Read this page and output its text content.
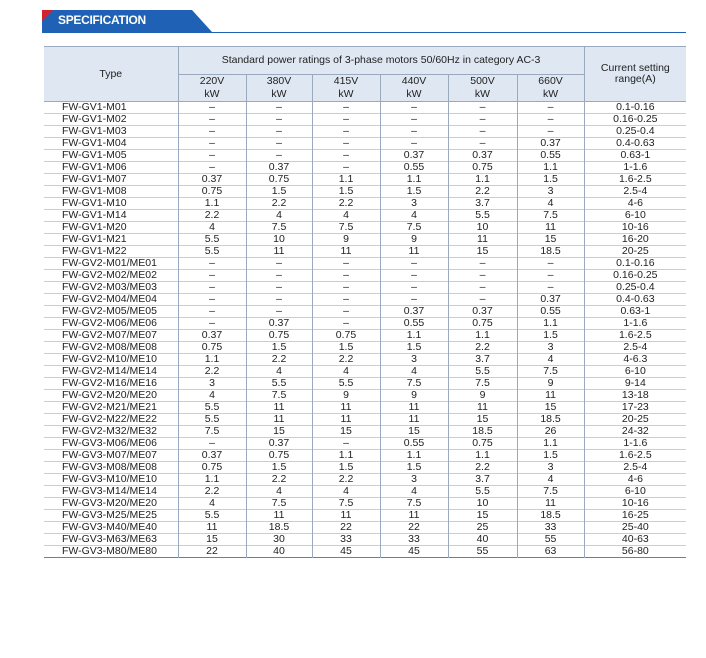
SPECIFICATION
Type	Standard power ratings of 3-phase motors 50/60Hz in category AC-3						Current setting range(A)
	220V	380V	415V	440V	500V	660V	
	kW	kW	kW	kW	kW	kW	
FW-GV1-M01	–	–	–	–	–	–	0.1-0.16
FW-GV1-M02	–	–	–	–	–	–	0.16-0.25
FW-GV1-M03	–	–	–	–	–	–	0.25-0.4
FW-GV1-M04	–	–	–	–	–	0.37	0.4-0.63
FW-GV1-M05	–	–	–	0.37	0.37	0.55	0.63-1
FW-GV1-M06	–	0.37	–	0.55	0.75	1.1	1-1.6
FW-GV1-M07	0.37	0.75	1.1	1.1	1.1	1.5	1.6-2.5
FW-GV1-M08	0.75	1.5	1.5	1.5	2.2	3	2.5-4
FW-GV1-M10	1.1	2.2	2.2	3	3.7	4	4-6
FW-GV1-M14	2.2	4	4	4	5.5	7.5	6-10
FW-GV1-M20	4	7.5	7.5	7.5	10	11	10-16
FW-GV1-M21	5.5	10	9	9	11	15	16-20
FW-GV1-M22	5.5	11	11	11	15	18.5	20-25
FW-GV2-M01/ME01	–	–	–	–	–	–	0.1-0.16
FW-GV2-M02/ME02	–	–	–	–	–	–	0.16-0.25
FW-GV2-M03/ME03	–	–	–	–	–	–	0.25-0.4
FW-GV2-M04/ME04	–	–	–	–	–	0.37	0.4-0.63
FW-GV2-M05/ME05	–	–	–	0.37	0.37	0.55	0.63-1
FW-GV2-M06/ME06	–	0.37	–	0.55	0.75	1.1	1-1.6
FW-GV2-M07/ME07	0.37	0.75	0.75	1.1	1.1	1.5	1.6-2.5
FW-GV2-M08/ME08	0.75	1.5	1.5	1.5	2.2	3	2.5-4
FW-GV2-M10/ME10	1.1	2.2	2.2	3	3.7	4	4-6.3
FW-GV2-M14/ME14	2.2	4	4	4	5.5	7.5	6-10
FW-GV2-M16/ME16	3	5.5	5.5	7.5	7.5	9	9-14
FW-GV2-M20/ME20	4	7.5	9	9	9	11	13-18
FW-GV2-M21/ME21	5.5	11	11	11	11	15	17-23
FW-GV2-M22/ME22	5.5	11	11	11	15	18.5	20-25
FW-GV2-M32/ME32	7.5	15	15	15	18.5	26	24-32
FW-GV3-M06/ME06	–	0.37	–	0.55	0.75	1.1	1-1.6
FW-GV3-M07/ME07	0.37	0.75	1.1	1.1	1.1	1.5	1.6-2.5
FW-GV3-M08/ME08	0.75	1.5	1.5	1.5	2.2	3	2.5-4
FW-GV3-M10/ME10	1.1	2.2	2.2	3	3.7	4	4-6
FW-GV3-M14/ME14	2.2	4	4	4	5.5	7.5	6-10
FW-GV3-M20/ME20	4	7.5	7.5	7.5	10	11	10-16
FW-GV3-M25/ME25	5.5	11	11	11	15	18.5	16-25
FW-GV3-M40/ME40	11	18.5	22	22	25	33	25-40
FW-GV3-M63/ME63	15	30	33	33	40	55	40-63
FW-GV3-M80/ME80	22	40	45	45	55	63	56-80
